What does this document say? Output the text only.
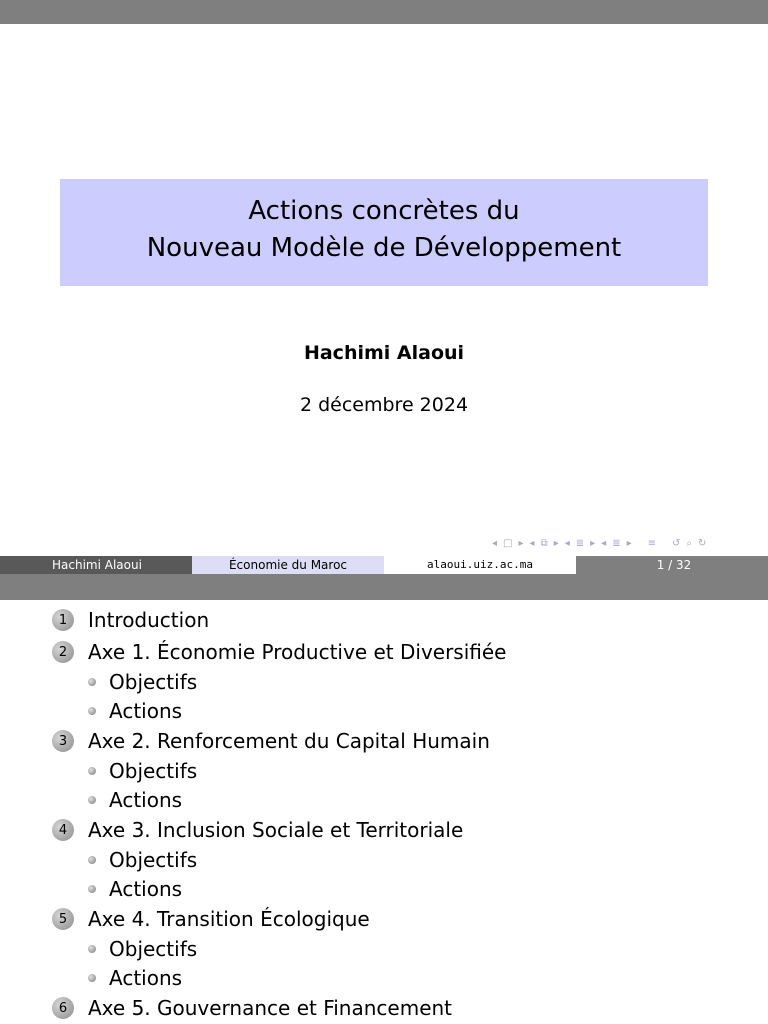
Actions concrètes du
Nouveau Modèle de Développement
Hachimi Alaoui
2 décembre 2024
◂ □ ▸ ◂ ⧉ ▸ ◂ ≣ ▸ ◂ ≣ ▸ ≡ ↺ ⌕ ↻
Hachimi Alaoui	Économie du Maroc	alaoui.uiz.ac.ma	1 / 32
1	Introduction
2	Axe 1. Économie Productive et Diversifiée
Objectifs
Actions
3	Axe 2. Renforcement du Capital Humain
Objectifs
Actions
4	Axe 3. Inclusion Sociale et Territoriale
Objectifs
Actions
5	Axe 4. Transition Écologique
Objectifs
Actions
6	Axe 5. Gouvernance et Financement
